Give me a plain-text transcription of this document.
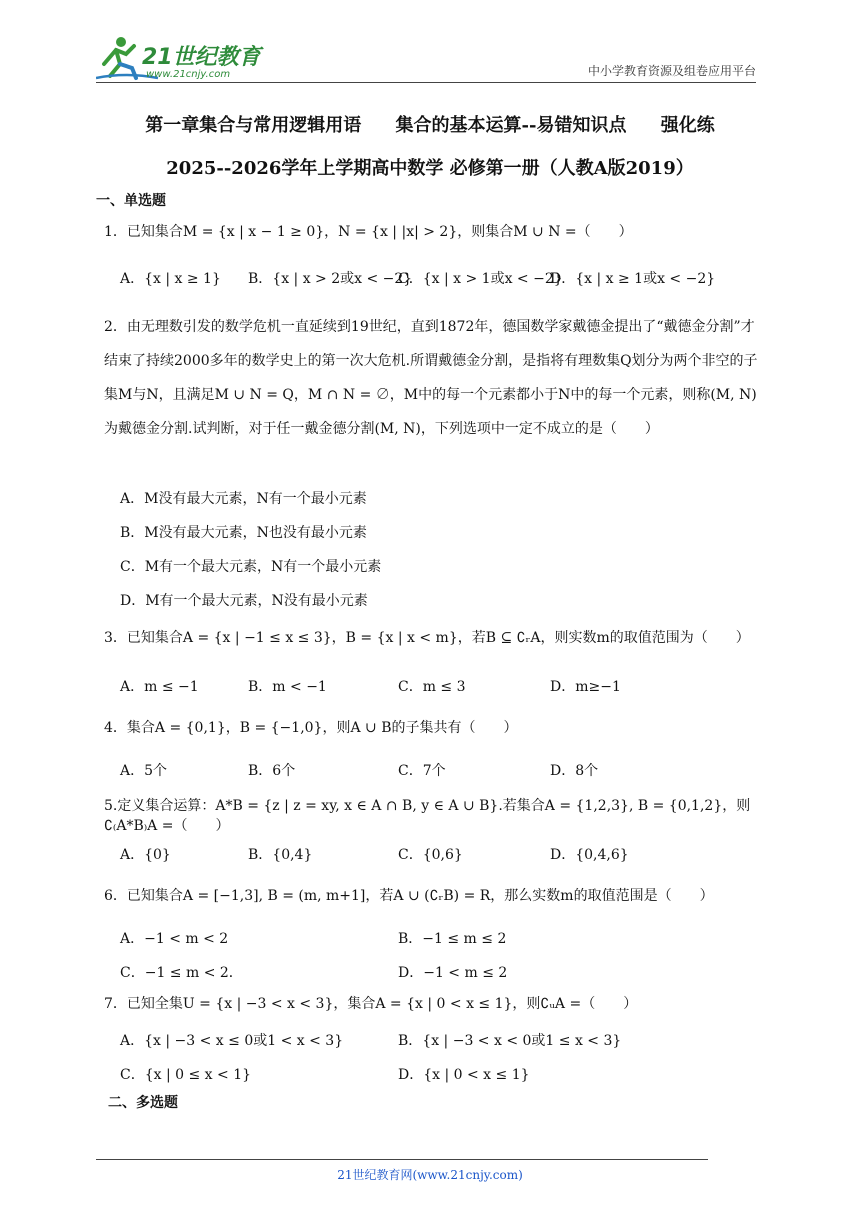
21世纪教育
www.21cnjy.com	中小学教育资源及组卷应用平台
第一章集合与常用逻辑用语 集合的基本运算--易错知识点 强化练
2025--2026学年上学期高中数学 必修第一册（人教A版2019）
一、单选题
1．已知集合M = {x | x − 1 ≥ 0}，N = {x | |x| > 2}，则集合M ∪ N =（　　）
A．{x | x ≥ 1} B．{x | x > 2或x < −2}
C．{x | x > 1或x < −2}
D．{x | x ≥ 1或x < −2}
2．由无理数引发的数学危机一直延续到19世纪，直到1872年，德国数学家戴德金提出了“戴德金分割”才结束了持续2000多年的数学史上的第一次大危机.所谓戴德金分割，是指将有理数集Q划分为两个非空的子集M与N，且满足M ∪ N = Q，M ∩ N = ∅，M中的每一个元素都小于N中的每一个元素，则称(M, N)为戴德金分割.试判断，对于任一戴金德分割(M, N)，下列选项中一定不成立的是（　　）
A．M没有最大元素，N有一个最小元素
B．M没有最大元素，N也没有最小元素
C．M有一个最大元素，N有一个最小元素
D．M有一个最大元素，N没有最小元素
3．已知集合A = {x | −1 ≤ x ≤ 3}，B = {x | x < m}，若B ⊆ ∁ᵣA，则实数m的取值范围为（　　）
A．m ≤ −1	B．m < −1	C．m ≤ 3	D．m≥−1
4．集合A = {0,1}，B = {−1,0}，则A ∪ B的子集共有（　　）
A．5个	B．6个	C．7个	D．8个
5.定义集合运算：A*B = {z | z = xy, x ∈ A ∩ B, y ∈ A ∪ B}.若集合A = {1,2,3}, B = {0,1,2}，则∁₍A*B₎A =（　　）
A．{0}	B．{0,4}	C．{0,6}	D．{0,4,6}
6．已知集合A = [−1,3], B = (m, m+1]，若A ∪ (∁ᵣB) = R，那么实数m的取值范围是（　　）
A．−1 < m < 2	B．−1 ≤ m ≤ 2
C．−1 ≤ m < 2．	D．−1 < m ≤ 2
7．已知全集U = {x | −3 < x < 3}，集合A = {x | 0 < x ≤ 1}，则∁ᵤA =（　　）
A．{x | −3 < x ≤ 0或1 < x < 3}	B．{x | −3 < x < 0或1 ≤ x < 3}
C．{x | 0 ≤ x < 1}	D．{x | 0 < x ≤ 1}
二、多选题
21世纪教育网(www.21cnjy.com)
